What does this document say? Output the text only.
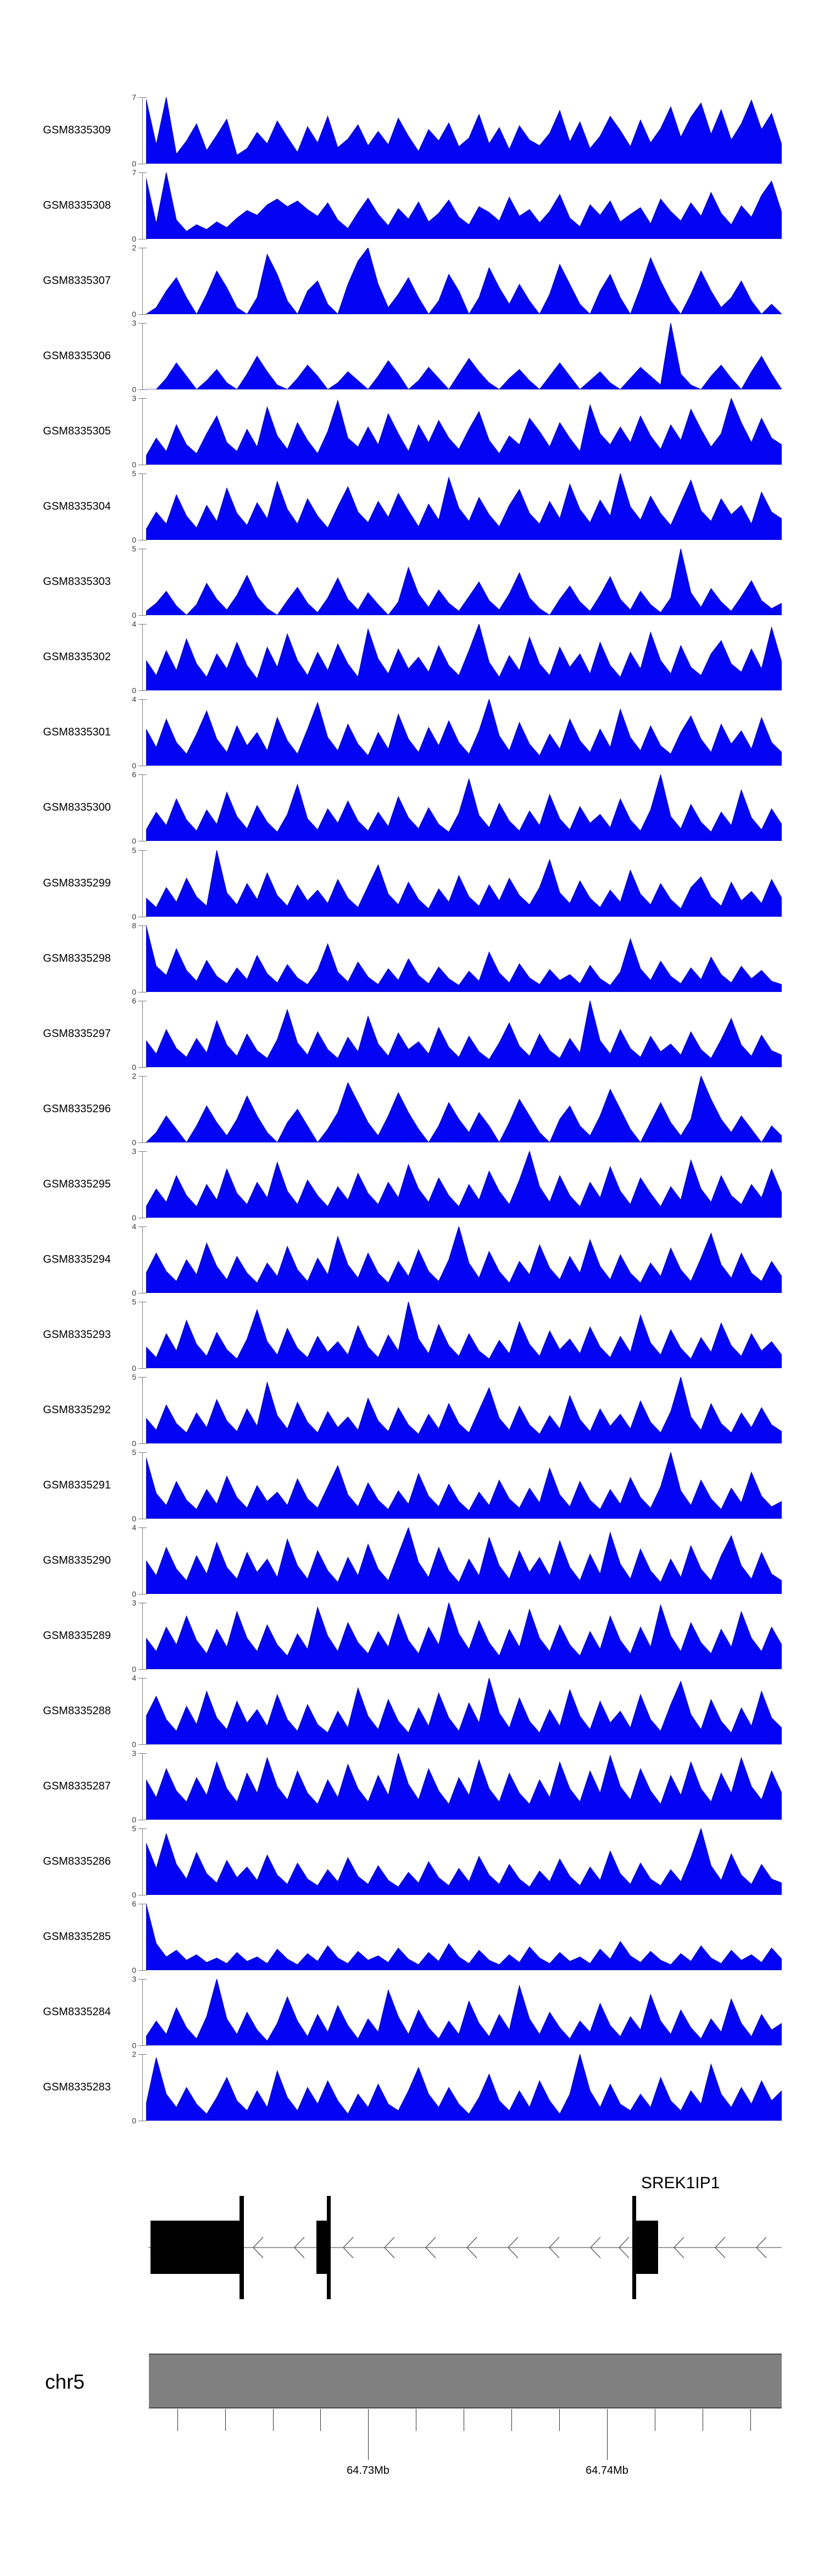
GSM8335309
7
0
GSM8335308
7
0
GSM8335307
2
0
GSM8335306
3
0
GSM8335305
3
0
GSM8335304
5
0
GSM8335303
5
0
GSM8335302
4
0
GSM8335301
4
0
GSM8335300
6
0
GSM8335299
5
0
GSM8335298
8
0
GSM8335297
6
0
GSM8335296
2
0
GSM8335295
3
0
GSM8335294
4
0
GSM8335293
5
0
GSM8335292
5
0
GSM8335291
5
0
GSM8335290
4
0
GSM8335289
3
0
GSM8335288
4
0
GSM8335287
3
0
GSM8335286
5
0
GSM8335285
6
0
GSM8335284
3
0
GSM8335283
2
0
SREK1IP1
chr5
64.73Mb	64.74Mb
